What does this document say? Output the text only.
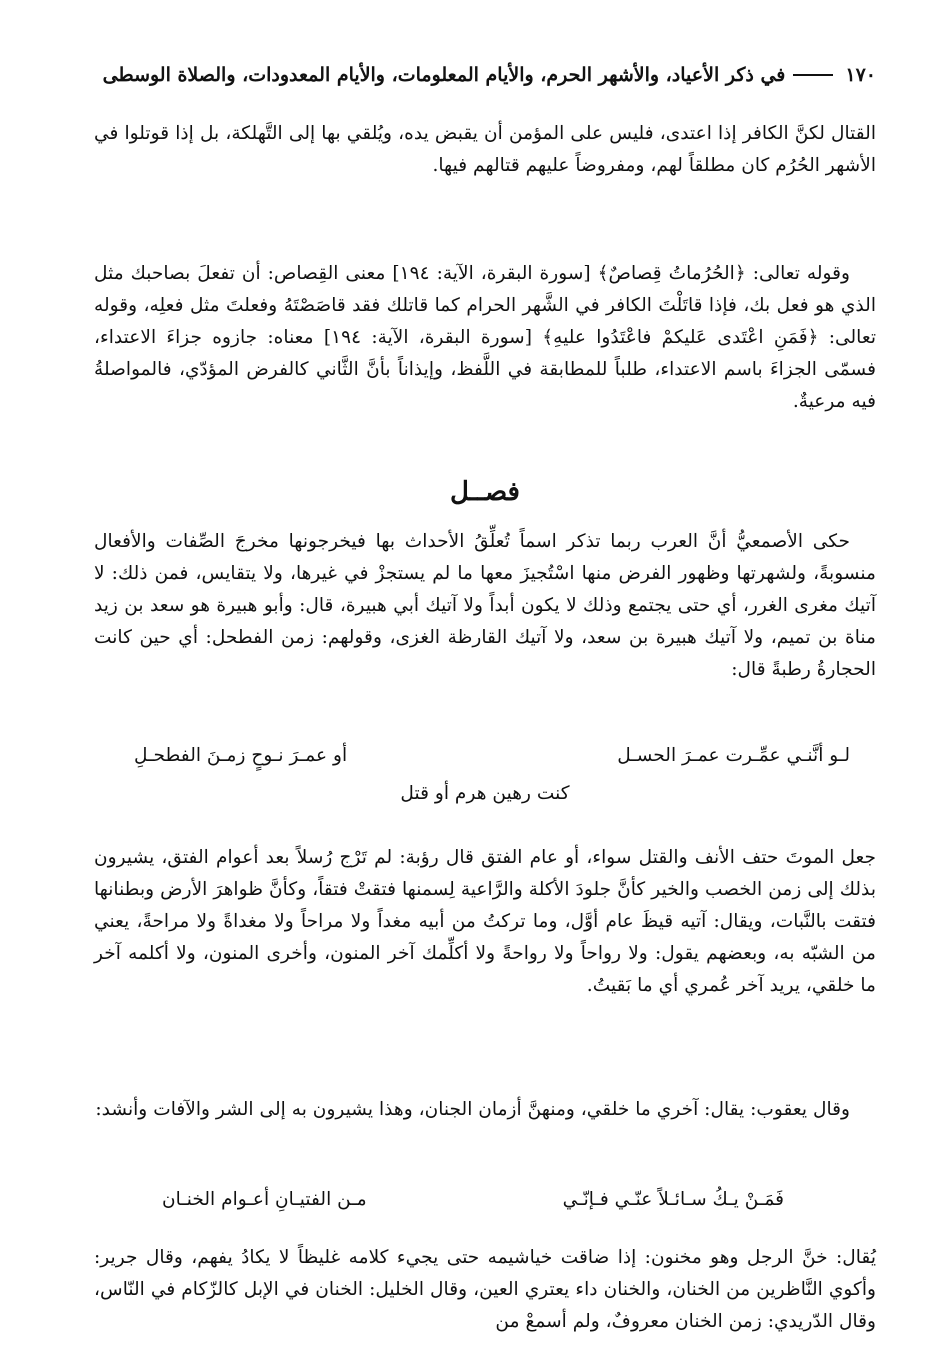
١٧٠
في ذكر الأعياد، والأشهر الحرم، والأيام المعلومات، والأيام المعدودات، والصلاة الوسطى
القتال لكنَّ الكافر إذا اعتدى، فليس على المؤمن أن يقبض يده، ويُلقي بها إلى التَّهلكة، بل إذا قوتلوا في الأشهر الحُرُم كان مطلقاً لهم، ومفروضاً عليهم قتالهم فيها.
وقوله تعالى: ﴿الحُرُماتُ قِصاصٌ﴾ [سورة البقرة، الآية: ١٩٤] معنى القِصاص: أن تفعلَ بصاحبك مثل الذي هو فعل بك، فإذا قاتَلْتَ الكافر في الشَّهر الحرام كما قاتلك فقد قاصَصْتَهُ وفعلتَ مثل فعلِه، وقوله تعالى: ﴿فَمَنِ اعْتَدى عَليكمْ فاعْتَدُوا عليهِ﴾ [سورة البقرة، الآية: ١٩٤] معناه: جازوه جزاءَ الاعتداء، فسمّى الجزاءَ باسم الاعتداء، طلباً للمطابقة في اللَّفظ، وإيذاناً بأنَّ الثَّاني كالفرض المؤدّي، فالمواصلةُ فيه مرعيةٌ.
فصــل
حكى الأصمعيُّ أنَّ العرب ربما تذكر اسماً تُعلِّقُ الأحداث بها فيخرجونها مخرجَ الصِّفات والأفعال منسوبةً، ولشهرتها وظهور الفرض منها اسْتُجيزَ معها ما لم يستجزْ في غيرها، ولا يتقايس، فمن ذلك: لا آتيك مغرى الغرر، أي حتى يجتمع وذلك لا يكون أبداً ولا آتيك أبي هبيرة، قال: وأبو هبيرة هو سعد بن زيد مناة بن تميم، ولا آتيك هبيرة بن سعد، ولا آتيك القارظة الغزى، وقولهم: زمن الفطحل: أي حين كانت الحجارةُ رطبةً قال:
لـو أنَّنـي عمِّـرت عمـرَ الحسـل
أو عمـرَ نـوحٍ زمـنَ الفطحـلِ
كنت رهين هرم أو قتل
جعل الموتَ حتف الأنف والقتل سواء، أو عام الفتق قال رؤبة: لم تَرْج رُسلاً بعد أعوام الفتق، يشيرون بذلك إلى زمن الخصب والخير كأنَّ جلودَ الأكلة والرَّاعية لِسمنها فتقتْ فتقاً، وكأنَّ ظواهرَ الأرض وبطنانها فتقت بالنَّبات، ويقال: آتيه قيظَ عام أوَّل، وما تركتُ من أبيه مغداً ولا مراحاً ولا مغداةً ولا مراحةً، يعني من الشبّه به، وبعضهم يقول: ولا رواحاً ولا رواحةً ولا أكلِّمك آخر المنون، وأخرى المنون، ولا أكلمه آخر ما خلقي، يريد آخر عُمري أي ما بَقيتُ.
وقال يعقوب: يقال: آخري ما خلقي، ومنهنَّ أزمان الجنان، وهذا يشيرون به إلى الشر والآفات وأنشد:
فَمَـنْ يـكُ سـائـلاً عنّـي فـإنّـي
مـن الفتيـانِ أعـوام الخنـان
يُقال: خنَّ الرجل وهو مخنون: إذا ضاقت خياشيمه حتى يجيء كلامه غليظاً لا يكادُ يفهم، وقال جرير: وأكوي النَّاظرين من الخنان، والخنان داء يعتري العين، وقال الخليل: الخنان في الإبل كالزّكام في النّاس، وقال الدّريدي: زمن الخنان معروفٌ، ولم أسمعْ من
